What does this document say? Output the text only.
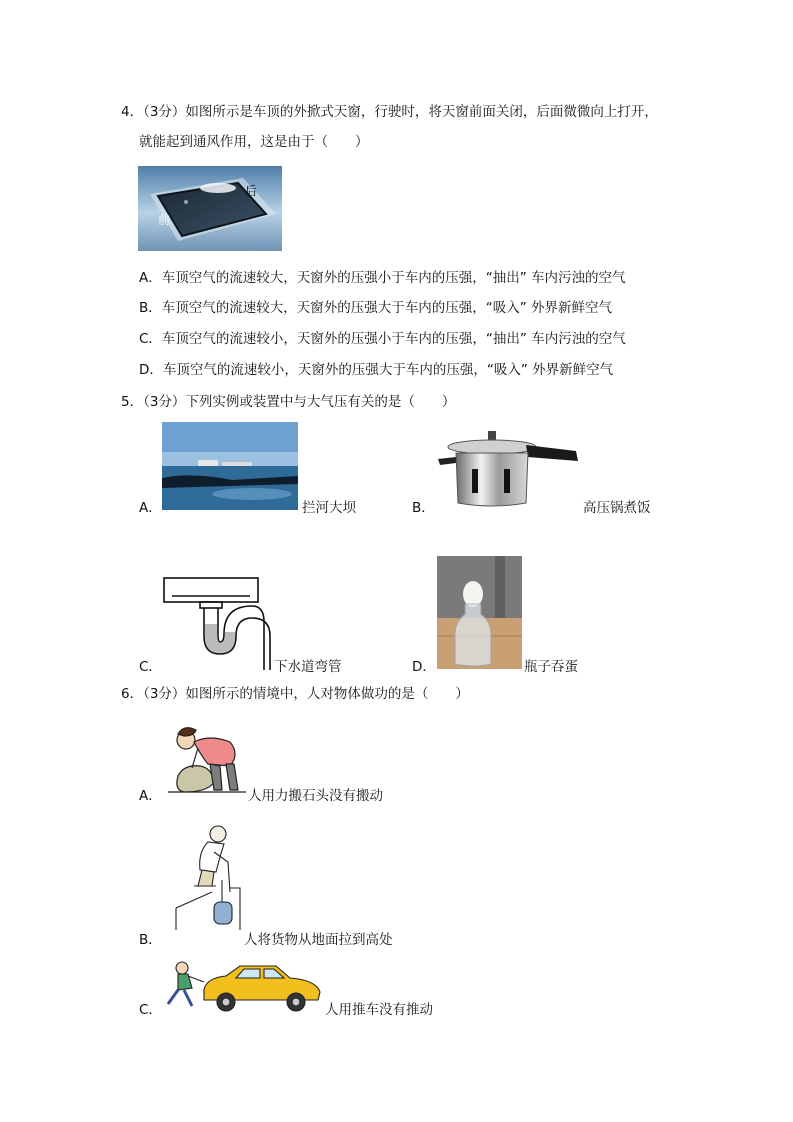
4．（3分）如图所示是车顶的外掀式天窗，行驶时，将天窗前面关闭，后面微微向上打开，
就能起到通风作用，这是由于（　　）
后
前
A．车顶空气的流速较大，天窗外的压强小于车内的压强，“抽出” 车内污浊的空气
B．车顶空气的流速较大，天窗外的压强大于车内的压强，“吸入” 外界新鲜空气
C．车顶空气的流速较小，天窗外的压强小于车内的压强，“抽出” 车内污浊的空气
D．车顶空气的流速较小，天窗外的压强大于车内的压强，“吸入” 外界新鲜空气
5．（3分）下列实例或装置中与大气压有关的是（　　）
A．	拦河大坝	B．	高压锅煮饭
C．	下水道弯管	D．	瓶子吞蛋
6．（3分）如图所示的情境中，人对物体做功的是（　　）
A．	人用力搬石头没有搬动
B．	人将货物从地面拉到高处
C．	人用推车没有推动
